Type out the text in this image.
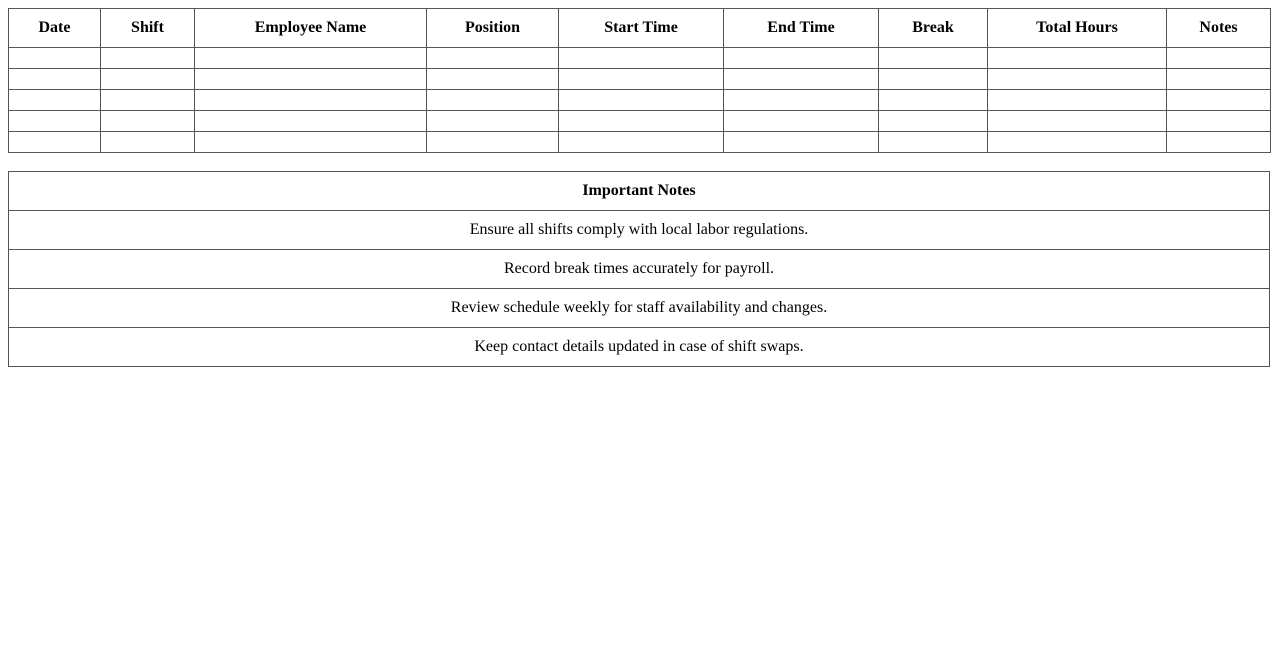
Date	Shift	Employee Name	Position	Start Time	End Time	Break	Total Hours	Notes

Important Notes
Ensure all shifts comply with local labor regulations.
Record break times accurately for payroll.
Review schedule weekly for staff availability and changes.
Keep contact details updated in case of shift swaps.
